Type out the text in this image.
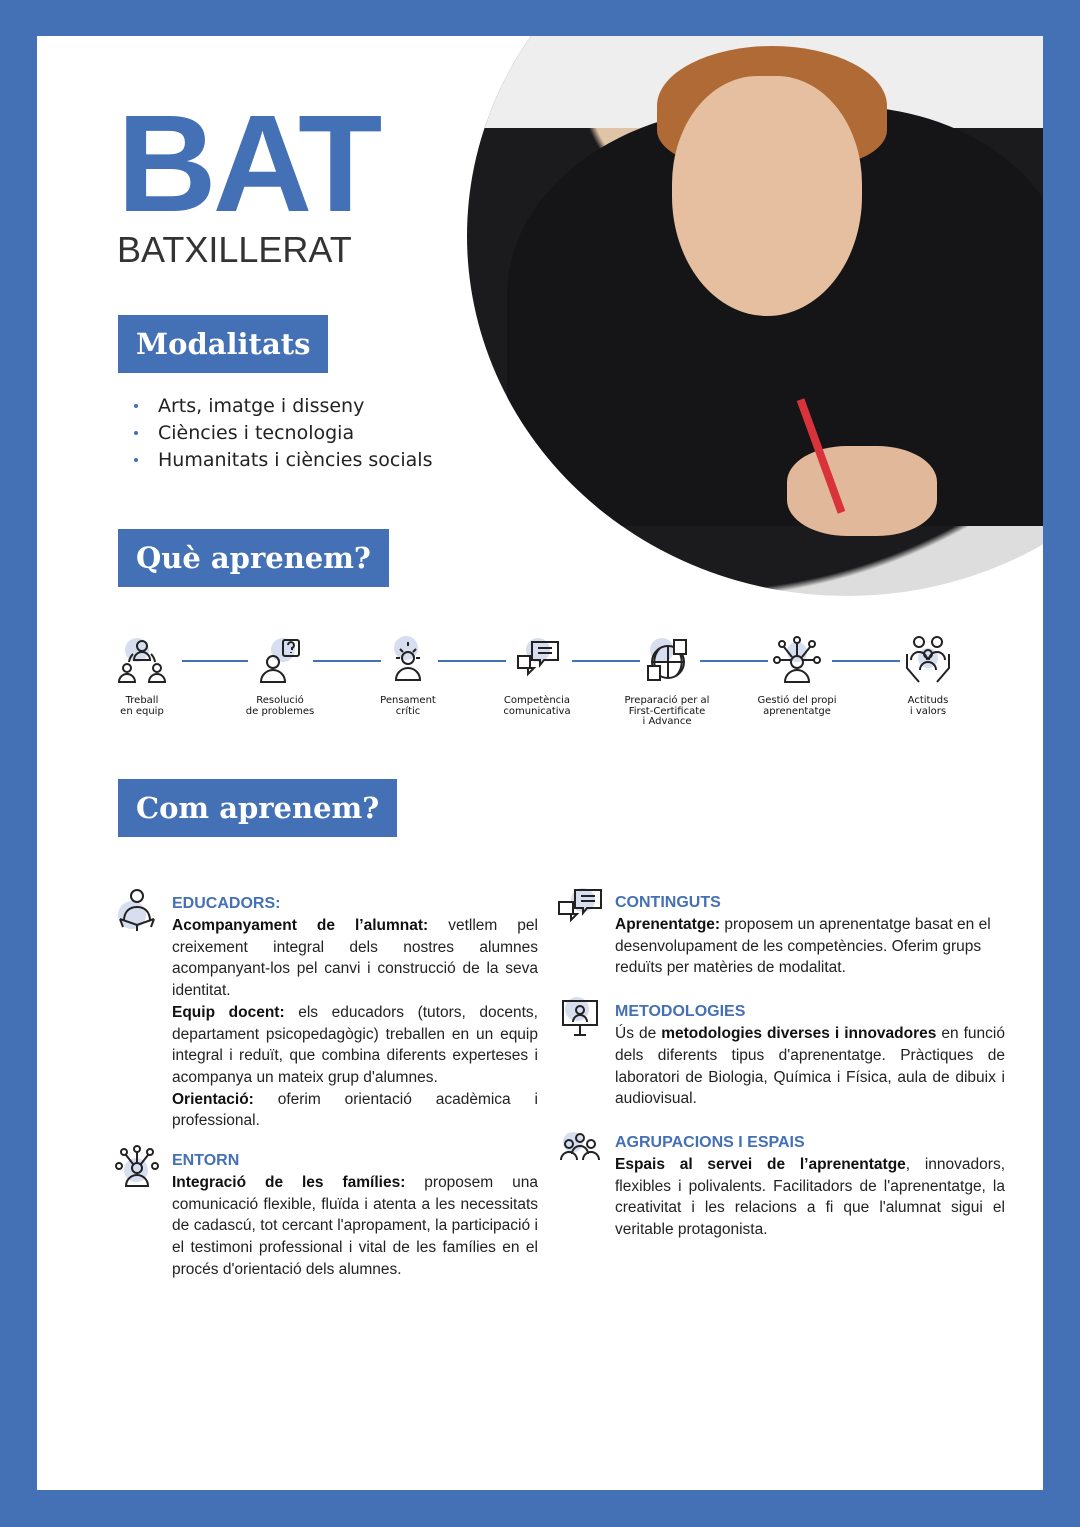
BAT
BATXILLERAT
Modalitats
Arts, imatge i disseny
Ciències i tecnologia
Humanitats i ciències socials
Què aprenem?
Treball
en equip
Resolució
de problemes
Pensament
crític
Competència
comunicativa
Preparació per al
First-Certificate
i Advance
Gestió del propi
aprenentatge
Actituds
i valors
Com aprenem?
EDUCADORS:

Acompanyament de l’alumnat: vetllem pel creixement integral dels nostres alumnes acompanyant-los pel canvi i construcció de la seva identitat.
Equip docent: els educadors (tutors, docents, departament psicopedagògic) treballen en un equip integral i reduït, que combina diferents experteses i acompanya un mateix grup d'alumnes.
Orientació: oferim orientació acadèmica i professional.

ENTORN

Integració de les famílies: proposem una comunicació flexible, fluïda i atenta a les necessitats de cadascú, tot cercant l'apropament, la participació i el testimoni professional i vital de les famílies en el procés d'orientació dels alumnes.

CONTINGUTS

Aprenentatge: proposem un aprenentatge basat en el desenvolupament de les competències. Oferim grups reduïts per matèries de modalitat.

METODOLOGIES

Ús de metodologies diverses i innovadores en funció dels diferents tipus d'aprenentatge. Pràctiques de laboratori de Biologia, Química i Física, aula de dibuix i audiovisual.

AGRUPACIONS I ESPAIS

Espais al servei de l’aprenentatge, innovadors, flexibles i polivalents. Facilitadors de l'aprenentatge, la creativitat i les relacions a fi que l'alumnat sigui el veritable protagonista.
